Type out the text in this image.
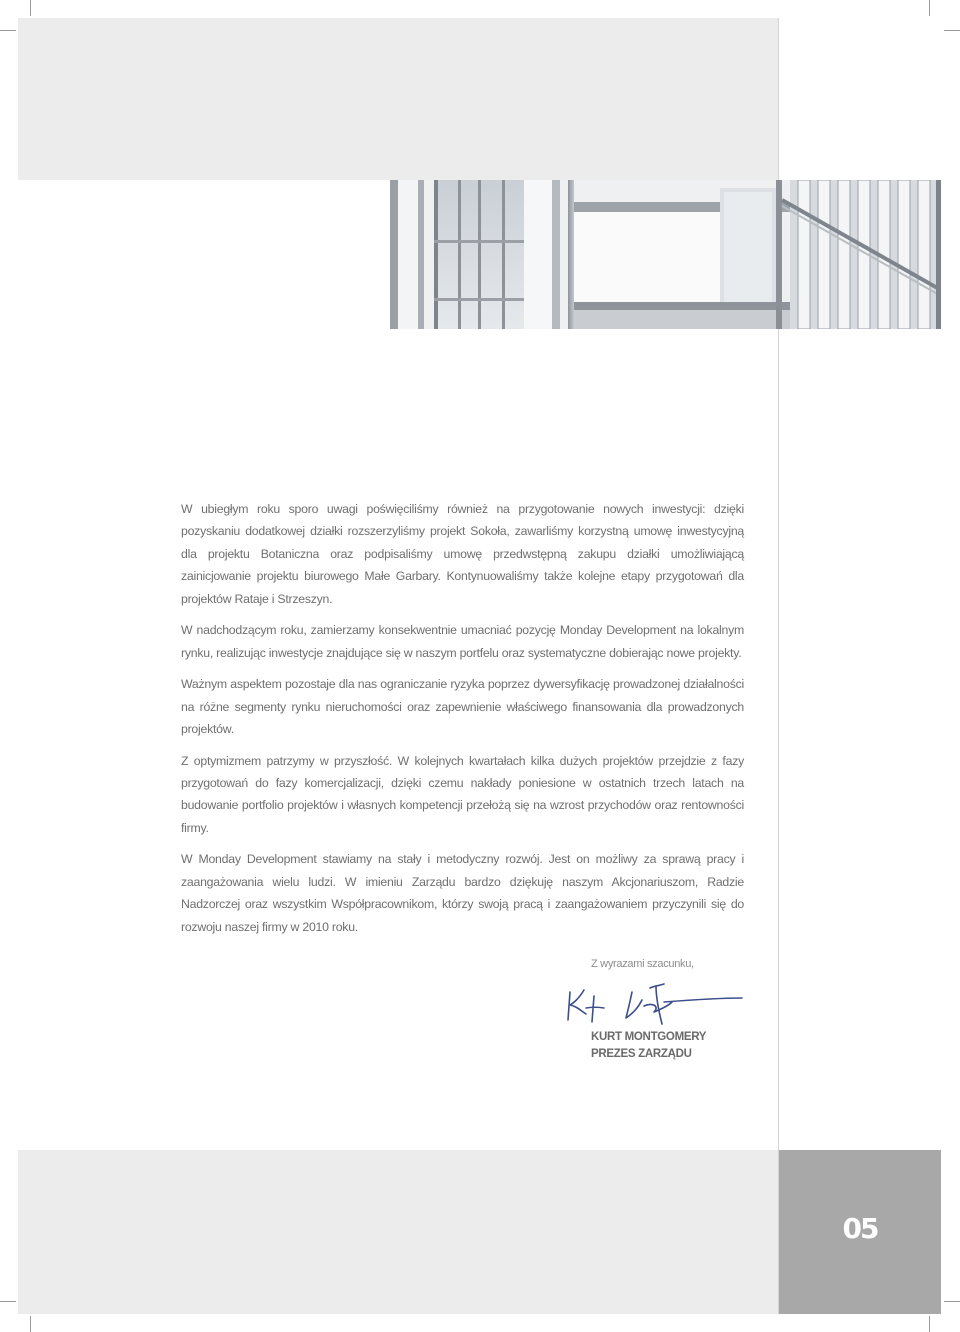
W ubiegłym roku sporo uwagi poświęciliśmy również na przygotowanie nowych inwestycji: dzięki pozyskaniu dodatkowej działki rozszerzyliśmy projekt Sokoła, zawarliśmy korzystną umowę inwestycyjną dla projektu Botaniczna oraz podpisaliśmy umowę przedwstępną zakupu działki umożliwiającą zainicjowanie projektu biurowego Małe Garbary. Kontynuowaliśmy także kolejne etapy przygotowań dla projektów Rataje i Strzeszyn.

W nadchodzącym roku, zamierzamy konsekwentnie umacniać pozycję Monday Development na lokalnym rynku, realizując inwestycje znajdujące się w naszym portfelu oraz systematyczne dobierając nowe projekty.

Ważnym aspektem pozostaje dla nas ograniczanie ryzyka poprzez dywersyfikację prowadzonej działalności na różne segmenty rynku nieruchomości oraz zapewnienie właściwego finansowania dla prowadzonych projektów.

Z optymizmem patrzymy w przyszłość. W kolejnych kwartałach kilka dużych projektów przejdzie z fazy przygotowań do fazy komercjalizacji, dzięki czemu nakłady poniesione w ostatnich trzech latach na budowanie portfolio projektów i własnych kompetencji przełożą się na wzrost przychodów oraz rentowności firmy.

W Monday Development stawiamy na stały i metodyczny rozwój. Jest on możliwy za sprawą pracy i zaangażowania wielu ludzi. W imieniu Zarządu bardzo dziękuję naszym Akcjonariuszom, Radzie Nadzorczej oraz wszystkim Współpracownikom, którzy swoją pracą i zaangażowaniem przyczynili się do rozwoju naszej firmy w 2010 roku.

Z wyrazami szacunku,
KURT MONTGOMERY
PREZES ZARZĄDU
05
